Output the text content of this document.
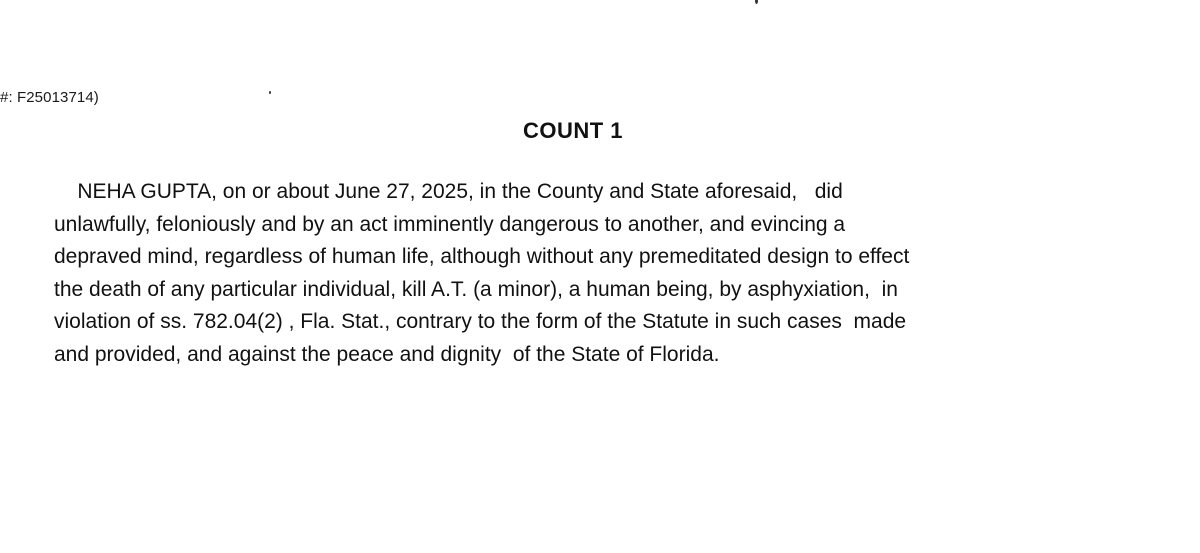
#: F25013714)
COUNT 1

NEHA GUPTA, on or about June 27, 2025, in the County and State aforesaid,   did
unlawfully, feloniously and by an act imminently dangerous to another, and evincing a
depraved mind, regardless of human life, although without any premeditated design to effect
the death of any particular individual, kill A.T. (a minor), a human being, by asphyxiation,  in
violation of ss. 782.04(2) , Fla. Stat., contrary to the form of the Statute in such cases  made
and provided, and against the peace and dignity  of the State of Florida.
